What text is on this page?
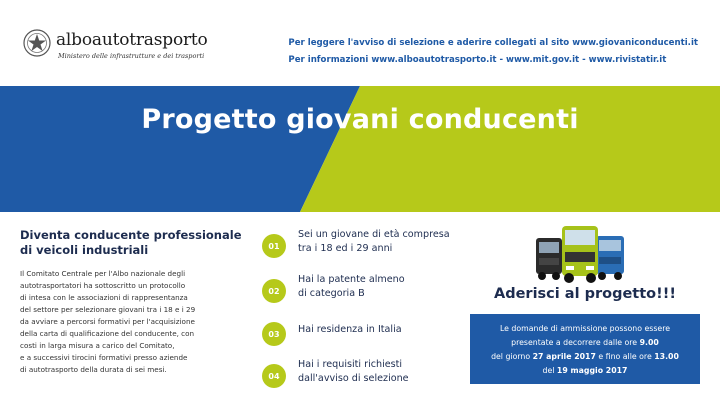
alboautotrasporto
Ministero delle infrastrutture e dei trasporti
Per leggere l'avviso di selezione e aderire collegati al sito www.giovaniconducenti.it
Per informazioni www.alboautotrasporto.it - www.mit.gov.it - www.rivistatir.it
Progetto giovani conducenti
Diventa conducente professionale
di veicoli industriali
Il Comitato Centrale per l'Albo nazionale degli
autotrasportatori ha sottoscritto un protocollo
di intesa con le associazioni di rappresentanza
del settore per selezionare giovani tra i 18 e i 29
da avviare a percorsi formativi per l'acquisizione
della carta di qualificazione del conducente, con
costi in larga misura a carico del Comitato,
e a successivi tirocini formativi presso aziende
di autotrasporto della durata di sei mesi.
01
Sei un giovane di età compresa
tra i 18 ed i 29 anni
02
Hai la patente almeno
di categoria B
03	Hai residenza in Italia
04
Hai i requisiti richiesti
dall'avviso di selezione
Aderisci al progetto!!!
Le domande di ammissione possono essere
presentate a decorrere dalle ore 9.00
del giorno 27 aprile 2017 e fino alle ore 13.00
del 19 maggio 2017
